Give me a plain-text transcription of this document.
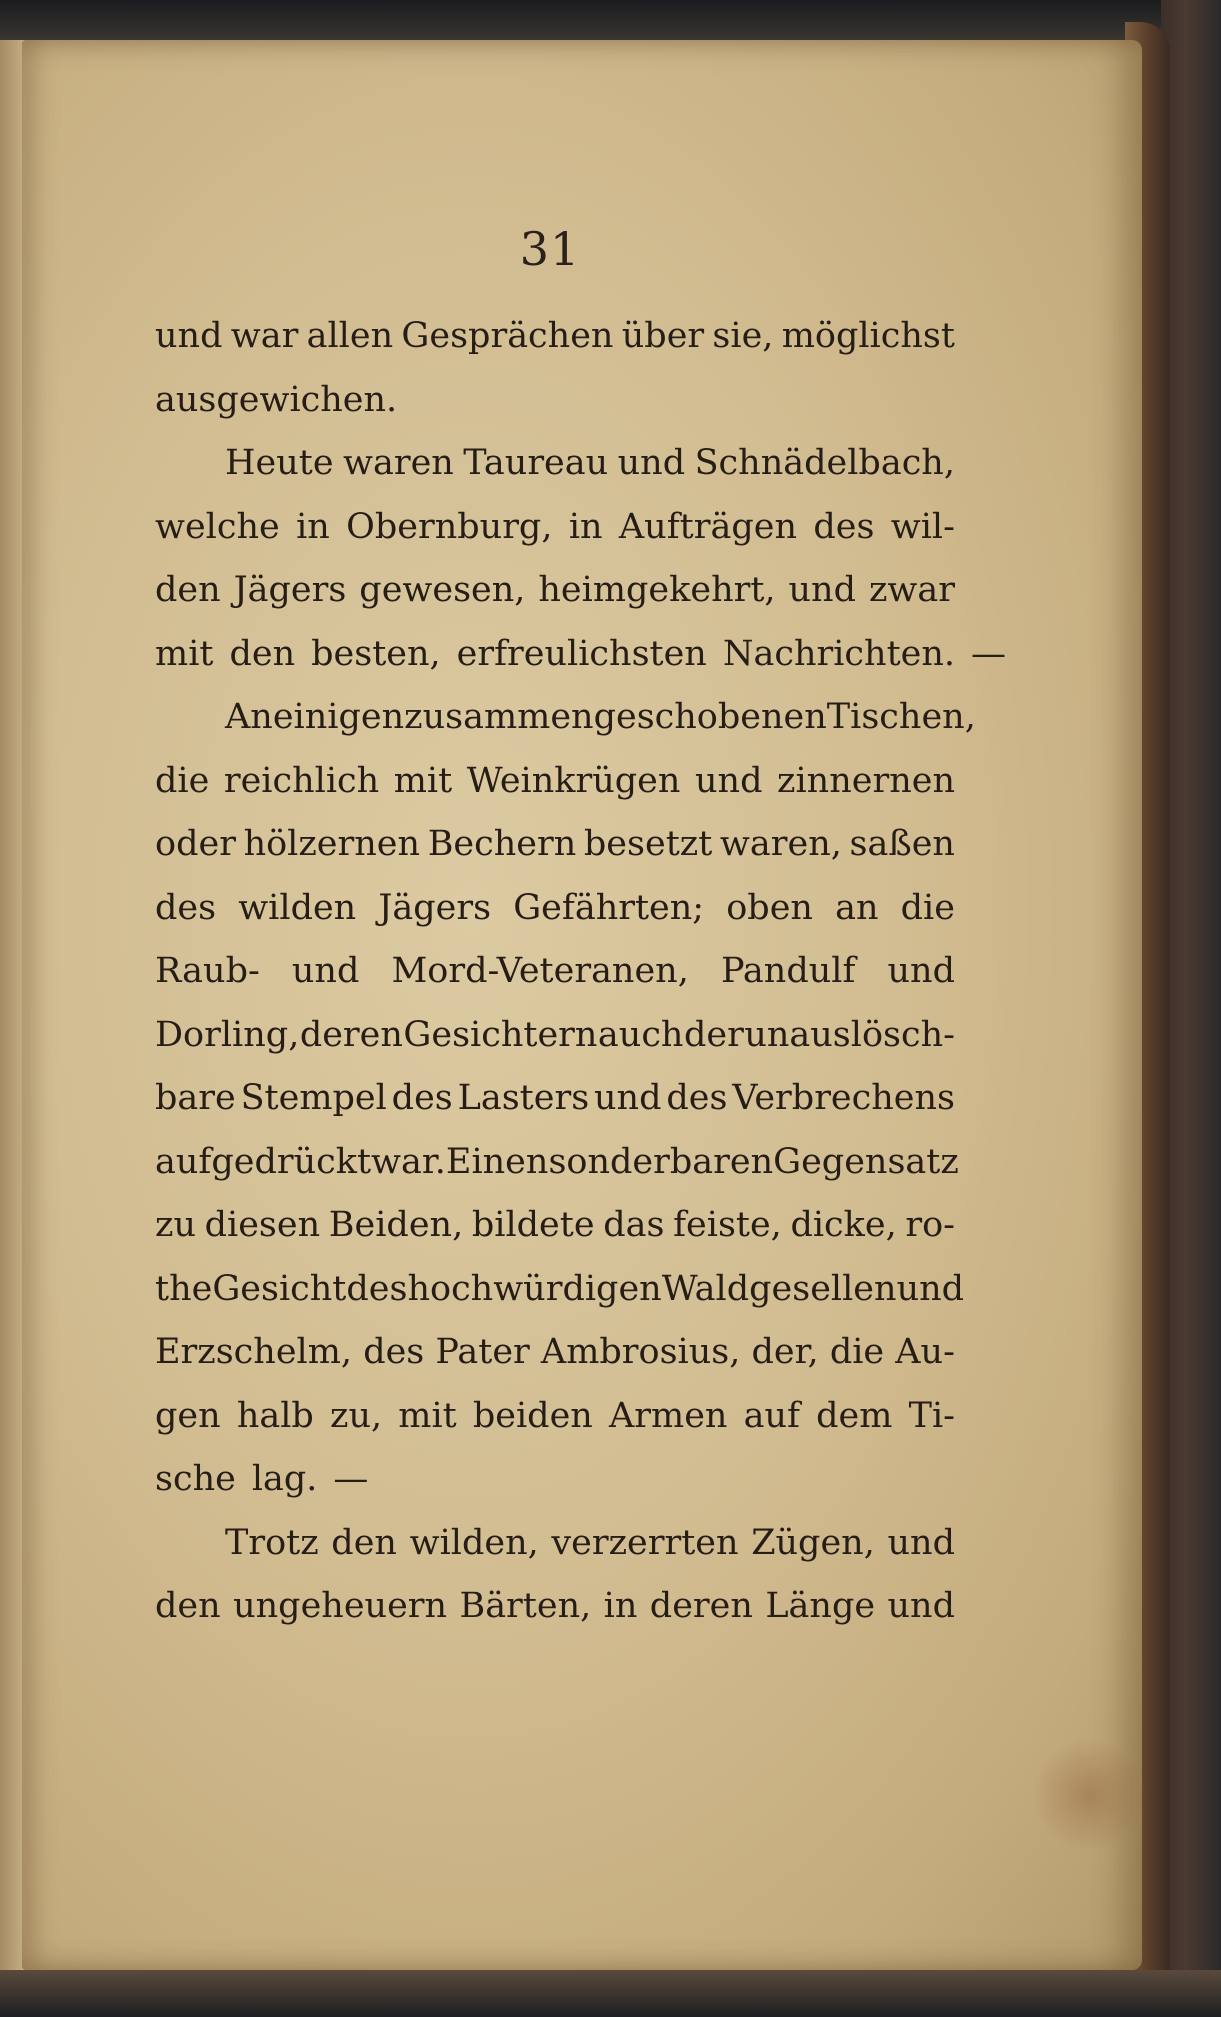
31
und war allen Gesprächen über sie, möglichst
ausgewichen.
Heute waren Taureau und Schnädelbach,
welche in Obernburg, in Aufträgen des wil-
den Jägers gewesen, heimgekehrt, und zwar
mit den besten, erfreulichsten Nachrichten. —
An einigen zusammengeschobenen Tischen,
die reichlich mit Weinkrügen und zinnernen
oder hölzernen Bechern besetzt waren, saßen
des wilden Jägers Gefährten; oben an die
Raub- und Mord-Veteranen, Pandulf und
Dorling, deren Gesichtern auch der unauslösch-
bare Stempel des Lasters und des Verbrechens
aufgedrückt war. Einen sonderbaren Gegensatz
zu diesen Beiden, bildete das feiste, dicke, ro-
the Gesicht des hochwürdigen Waldgesellen und
Erzschelm, des Pater Ambrosius, der, die Au-
gen halb zu, mit beiden Armen auf dem Ti-
sche lag. —
Trotz den wilden, verzerrten Zügen, und
den ungeheuern Bärten, in deren Länge und
